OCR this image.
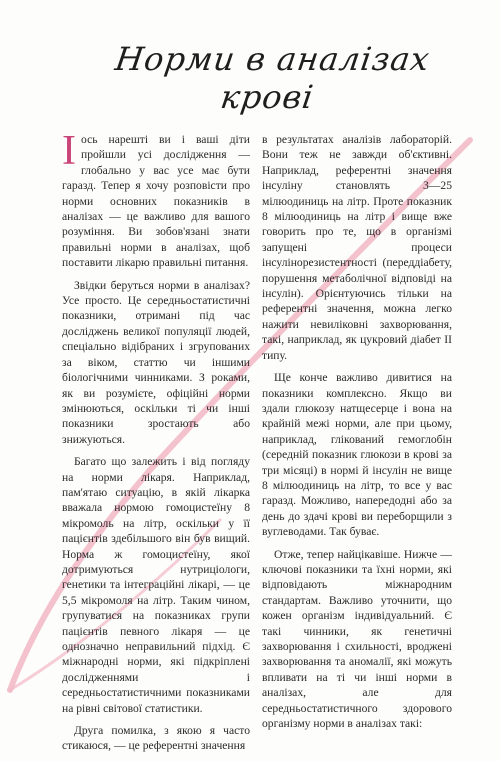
Норми в аналізах крові

І ось нарешті ви і ваші діти пройшли усі дослідження — глобально у вас усе має бути гаразд. Тепер я хочу розповісти про норми основних показників в аналізах — це важливо для вашого розуміння. Ви зобов'язані знати правильні норми в аналізах, щоб поставити лікарю правильні питання.

Звідки беруться норми в аналізах? Усе просто. Це середньостатистичні показники, отримані під час досліджень великої популяції людей, спеціально відібраних і згрупованих за віком, статтю чи іншими біологічними чинниками. З роками, як ви розумієте, офіційні норми змінюються, оскільки ті чи інші показники зростають або знижуються.

Багато що залежить і від погляду на норми лікаря. Наприклад, пам'ятаю ситуацію, в якій лікарка вважала нормою гомоцистеїну 8 мікромоль на літр, оскільки у її пацієнтів здебільшого він був вищий. Норма ж гомоцистеїну, якої дотримуються нутриціологи, генетики та інтеграційні лікарі, — це 5,5 мікромоля на літр. Таким чином, групуватися на показниках групи пацієнтів певного лікаря — це однозначно неправильний підхід. Є міжнародні норми, які підкріплені дослідженнями і середньостатистичними показниками на рівні світової статистики.

Друга помилка, з якою я часто стикаюся, — це референтні значення

в результатах аналізів лабораторій. Вони теж не завжди об'єктивні. Наприклад, референтні значення інсуліну становлять 3—25 мілюодиниць на літр. Проте показник 8 мілюодиниць на літр і вище вже говорить про те, що в організмі запущені процеси інсулінорезистентності (переддіабету, порушення метаболічної відповіді на інсулін). Орієнтуючись тільки на референтні значення, можна легко нажити невиліковні захворювання, такі, наприклад, як цукровий діабет II типу.

Ще конче важливо дивитися на показники комплексно. Якщо ви здали глюкозу натщесерце і вона на крайній межі норми, але при цьому, наприклад, глікований гемоглобін (середній показник глюкози в крові за три місяці) в нормі й інсулін не вище 8 мілюодиниць на літр, то все у вас гаразд. Можливо, напередодні або за день до здачі крові ви переборщили з вуглеводами. Так буває.

Отже, тепер найцікавіше. Нижче — ключові показники та їхні норми, які відповідають міжнародним стандартам. Важливо уточнити, що кожен організм індивідуальний. Є такі чинники, як генетичні захворювання і схильності, вроджені захворювання та аномалії, які можуть впливати на ті чи інші норми в аналізах, але для середньостатистичного здорового організму норми в аналізах такі:
